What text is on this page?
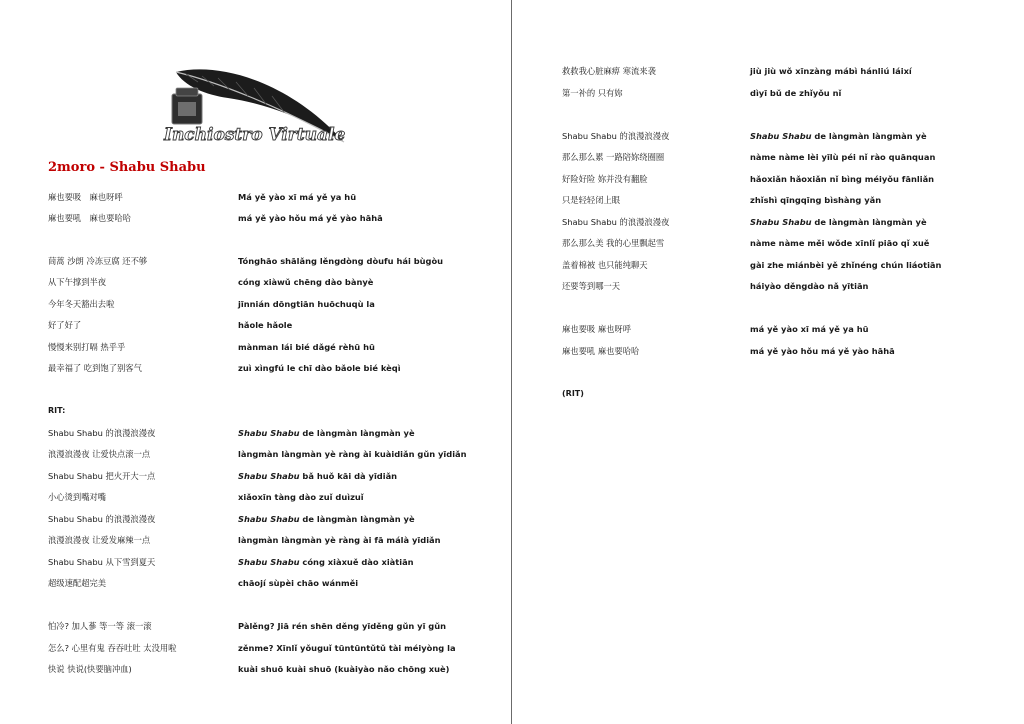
Inchiostro Virtuale
2moro - Shabu Shabu
麻也要吸　麻也呀呼	Má yě yào xī má yě ya hū
麻也要吼　麻也要哈哈	má yě yào hǒu má yě yào hāhā
茼蒿 沙朗 冷冻豆腐 还不够	Tónghāo shālǎng lěngdòng dòufu hái bùgòu
从下午撑到半夜	cóng xiàwǔ chēng dào bànyè
今年冬天豁出去啦	jīnnián dōngtiān huōchuqù la
好了好了	hǎole hǎole
慢慢来别打嗝 热乎乎	mànman lái bié dǎgé rèhū hū
最幸福了 吃到饱了别客气	zuì xìngfú le chī dào bǎole bié kèqì
RIT:
Shabu Shabu 的浪漫浪漫夜	Shabu Shabu de làngmàn làngmàn yè
浪漫浪漫夜 让爱快点滚一点	làngmàn làngmàn yè ràng ài kuàidiǎn gǔn yīdiǎn
Shabu Shabu 把火开大一点	Shabu Shabu bǎ huǒ kāi dà yīdiǎn
小心烫到嘴对嘴	xiǎoxīn tàng dào zuǐ duìzuǐ
Shabu Shabu 的浪漫浪漫夜	Shabu Shabu de làngmàn làngmàn yè
浪漫浪漫夜 让爱发麻辣一点	làngmàn làngmàn yè ràng ài fā málà yīdiǎn
Shabu Shabu 从下雪到夏天	Shabu Shabu cóng xiàxuě dào xiàtiān
超级速配超完美	chāojí sùpèi chāo wánměi
怕冷? 加人蔘 等一等 滚一滚	Pàlěng? Jiā rén shēn děng yīděng gǔn yī gǔn
怎么? 心里有鬼 吞吞吐吐 太没用啦	zěnme? Xīnlǐ yǒuguǐ tūntūntǔtǔ tài méiyòng la
快说 快说(快要脑冲血)	kuài shuō kuài shuō (kuàiyào nǎo chōng xuè)
救救我心脏麻痹 寒流来袭	jiù jiù wǒ xīnzàng mábì hánliú láixí
第一补的 只有妳	dìyī bǔ de zhǐyǒu nǐ
Shabu Shabu 的浪漫浪漫夜	Shabu Shabu de làngmàn làngmàn yè
那么那么累 一路陪妳绕圈圈	nàme nàme lèi yīlù péi nǐ rào quānquan
好险好险 妳并没有翻脸	hǎoxiǎn hǎoxiǎn nǐ bìng méiyǒu fānliǎn
只是轻轻闭上眼	zhǐshì qīngqīng bìshàng yǎn
Shabu Shabu 的浪漫浪漫夜	Shabu Shabu de làngmàn làngmàn yè
那么那么美 我的心里飘起雪	nàme nàme měi wǒde xīnlǐ piāo qǐ xuě
盖着棉被 也只能纯聊天	gài zhe miánbèi yě zhǐnéng chún liáotiān
还要等到哪一天	háiyào děngdào nǎ yītiān
麻也要吸 麻也呀呼	má yě yào xī má yě ya hū
麻也要吼 麻也要哈哈	má yě yào hǒu má yě yào hāhā
(RIT)
